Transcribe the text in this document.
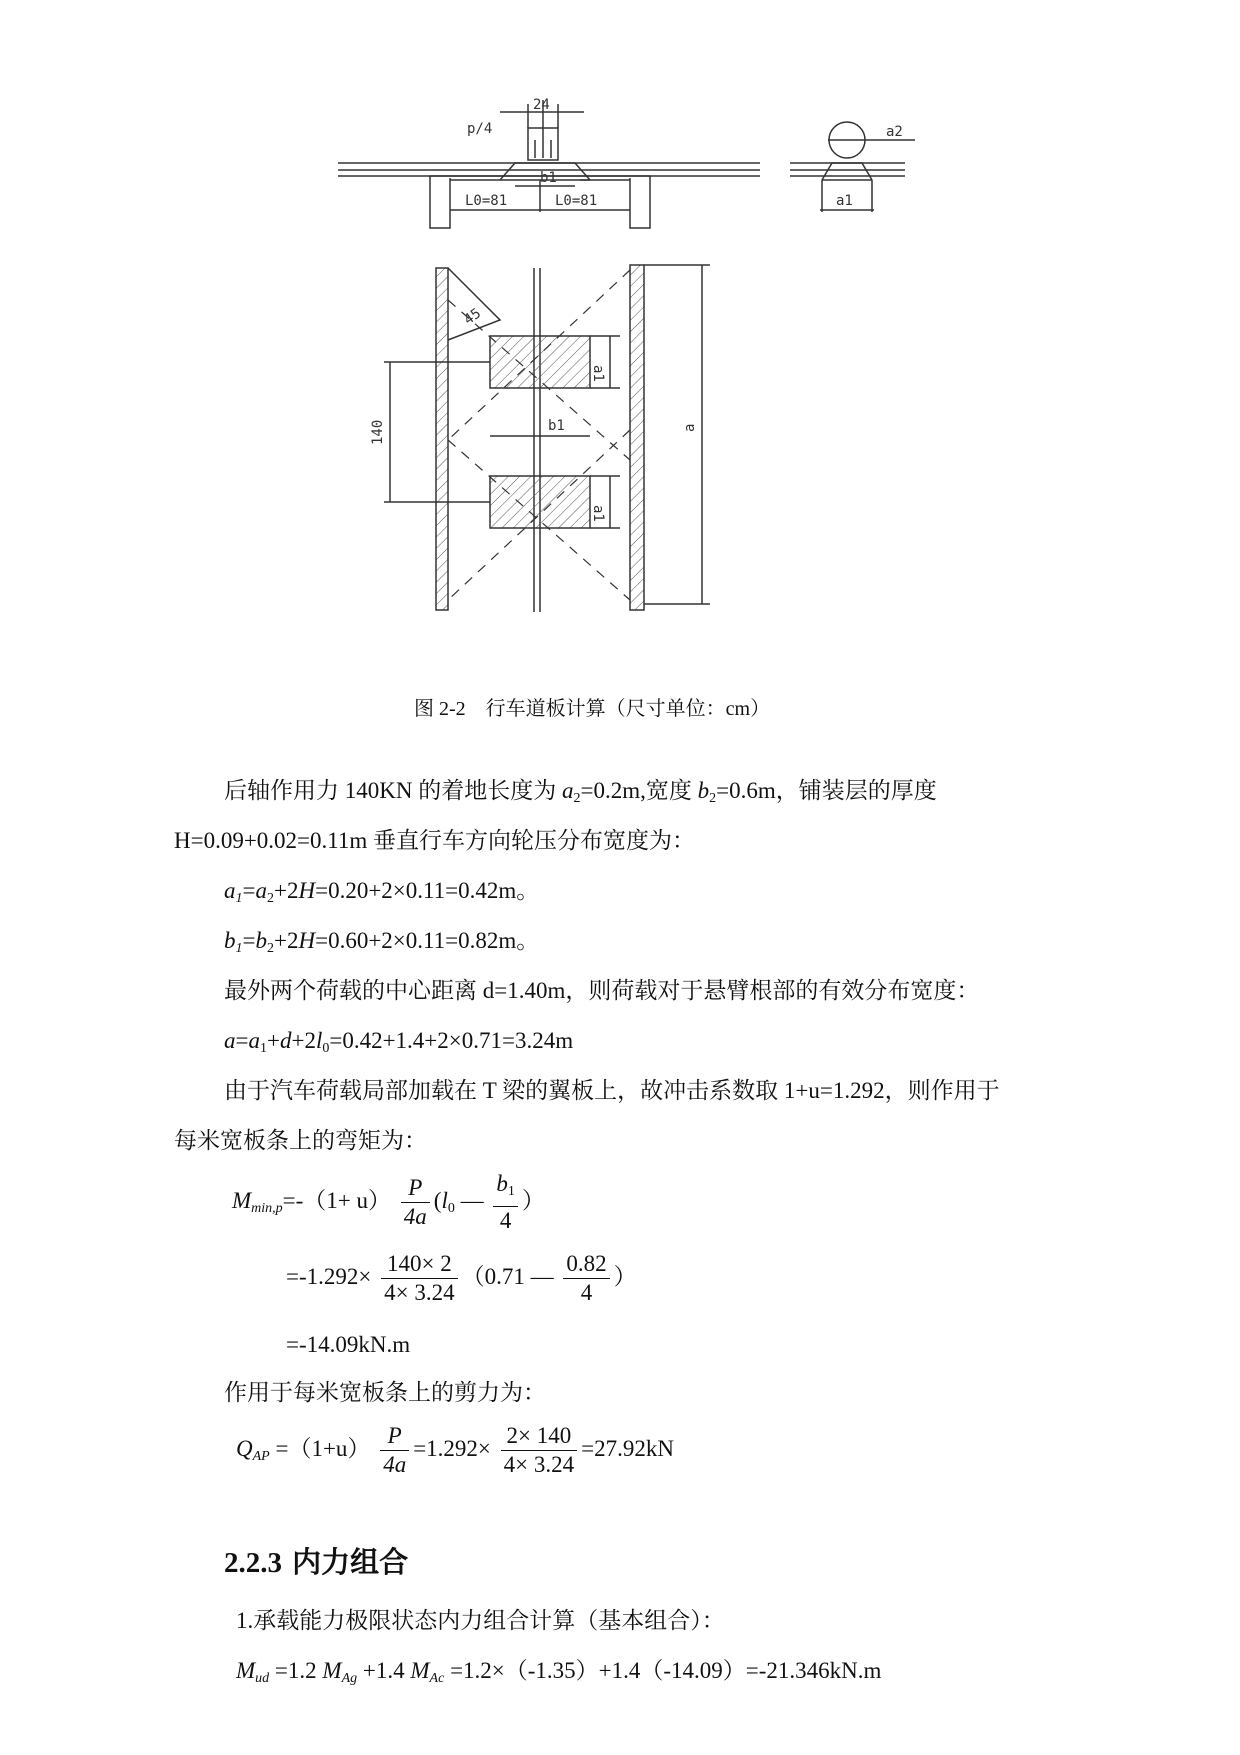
p/4
24
b1
L0=81	L0=81
a2
a1
45
a1
b1
a1
140	a
图 2-2　行车道板计算（尺寸单位：cm）
后轴作用力 140KN 的着地长度为 $a_2=0.2m$,宽度 $b_2=0.6m$，铺装层的厚度
H=0.09+0.02=0.11m 垂直行车方向轮压分布宽度为：
$a_1=a_2+2H=0.20+2\times 0.11=0.42m$。
$b_1=b_2+2H=0.60+2\times 0.11=0.82m$。
最外两个荷载的中心距离 d=1.40m，则荷载对于悬臂根部的有效分布宽度：
$a=a_1+d+2l_0=0.42+1.4+2\times 0.71=3.24m$
由于汽车荷载局部加载在 T 梁的翼板上，故冲击系数取 1+u=1.292，则作用于
每米宽板条上的弯矩为：
$M_{min,p}=-(1+ u) \frac{P}{4a} (l_0$ — $\frac{b_1}{4}$ ）
$=-1.292\times \frac{140\times 2}{4\times 3.24} (0.71$ — $\frac{0.82}{4}$ ）
=-14.09kN.m
作用于每米宽板条上的剪力为：
$Q_{AP} =(1+u) \frac{P}{4a} =1.292\times \frac{2\times 140}{4\times 3.24} =27.92kN$
2.2.3 内力组合
1.承载能力极限状态内力组合计算（基本组合）：
$M_{ud} =1.2$ $M_{Ag} +1.4$ $M_{Ac} =1.2\times(-1.35)+1.4(-14.09)=-21.346kN.m$
